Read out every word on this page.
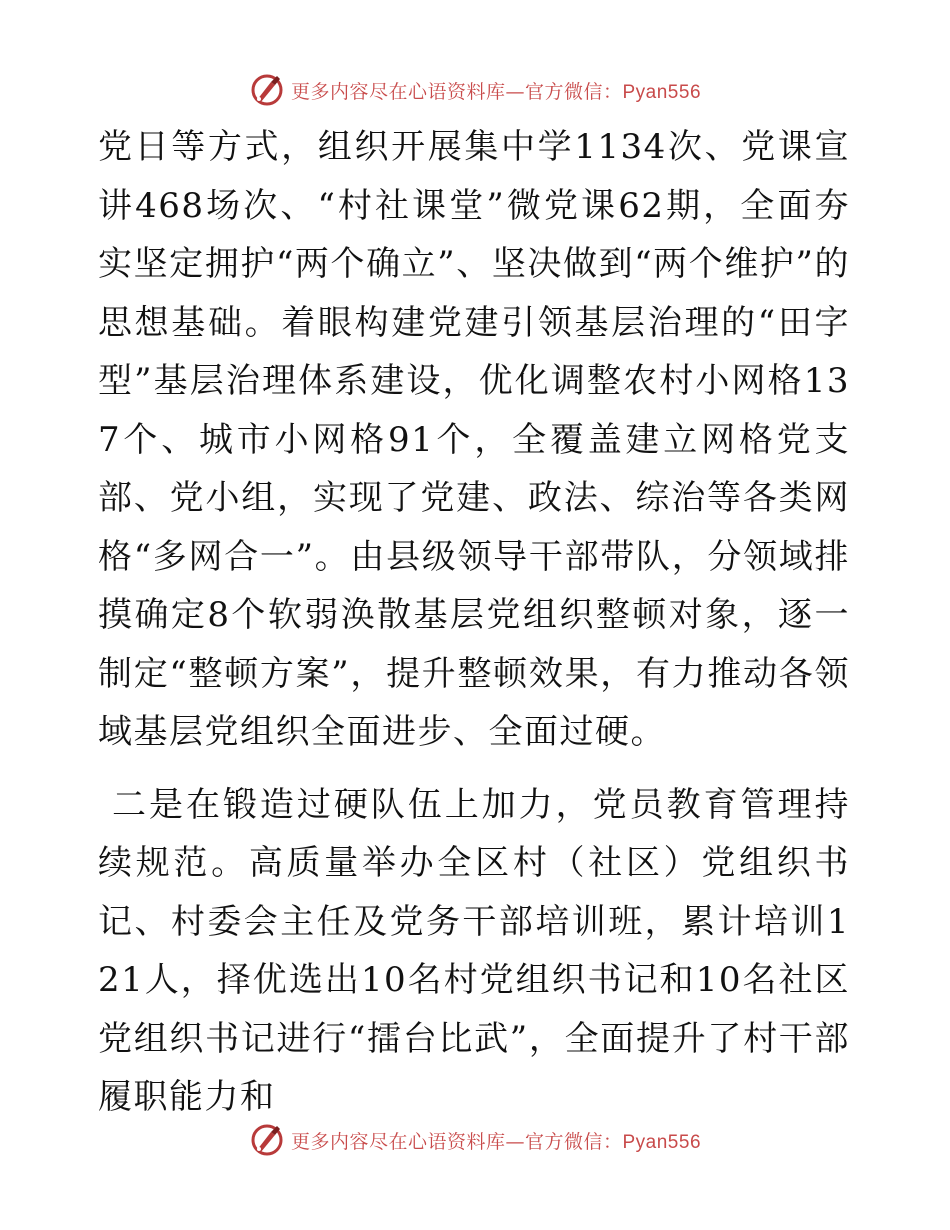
更多内容尽在心语资料库—官方微信：Pyan556

党日等方式，组织开展集中学1134次、党课宣讲468场次、“村社课堂”微党课62期，全面夯实坚定拥护“两个确立”、坚决做到“两个维护”的思想基础。着眼构建党建引领基层治理的“田字型”基层治理体系建设，优化调整农村小网格137个、城市小网格91个，全覆盖建立网格党支部、党小组，实现了党建、政法、综治等各类网格“多网合一”。由县级领导干部带队，分领域排摸确定8个软弱涣散基层党组织整顿对象，逐一制定“整顿方案”，提升整顿效果，有力推动各领域基层党组织全面进步、全面过硬。

二是在锻造过硬队伍上加力，党员教育管理持续规范。高质量举办全区村（社区）党组织书记、村委会主任及党务干部培训班，累计培训121人，择优选出10名村党组织书记和10名社区党组织书记进行“擂台比武”，全面提升了村干部履职能力和

更多内容尽在心语资料库—官方微信：Pyan556
